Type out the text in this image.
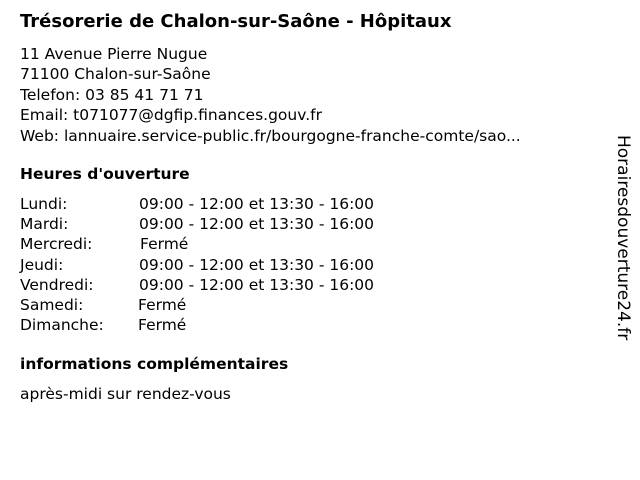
Trésorerie de Chalon-sur-Saône - Hôpitaux
11 Avenue Pierre Nugue
71100 Chalon-sur-Saône
Telefon: 03 85 41 71 71
Email: t071077@dgfip.finances.gouv.fr
Web: lannuaire.service-public.fr/bourgogne-franche-comte/sao...
Heures d'ouverture
Lundi:	09:00 - 12:00 et 13:30 - 16:00
Mardi:	09:00 - 12:00 et 13:30 - 16:00
Mercredi:	Fermé
Jeudi:	09:00 - 12:00 et 13:30 - 16:00
Vendredi:	09:00 - 12:00 et 13:30 - 16:00
Samedi:	Fermé
Dimanche: Fermé
informations complémentaires
après-midi sur rendez-vous
Horairesdouverture24.fr
